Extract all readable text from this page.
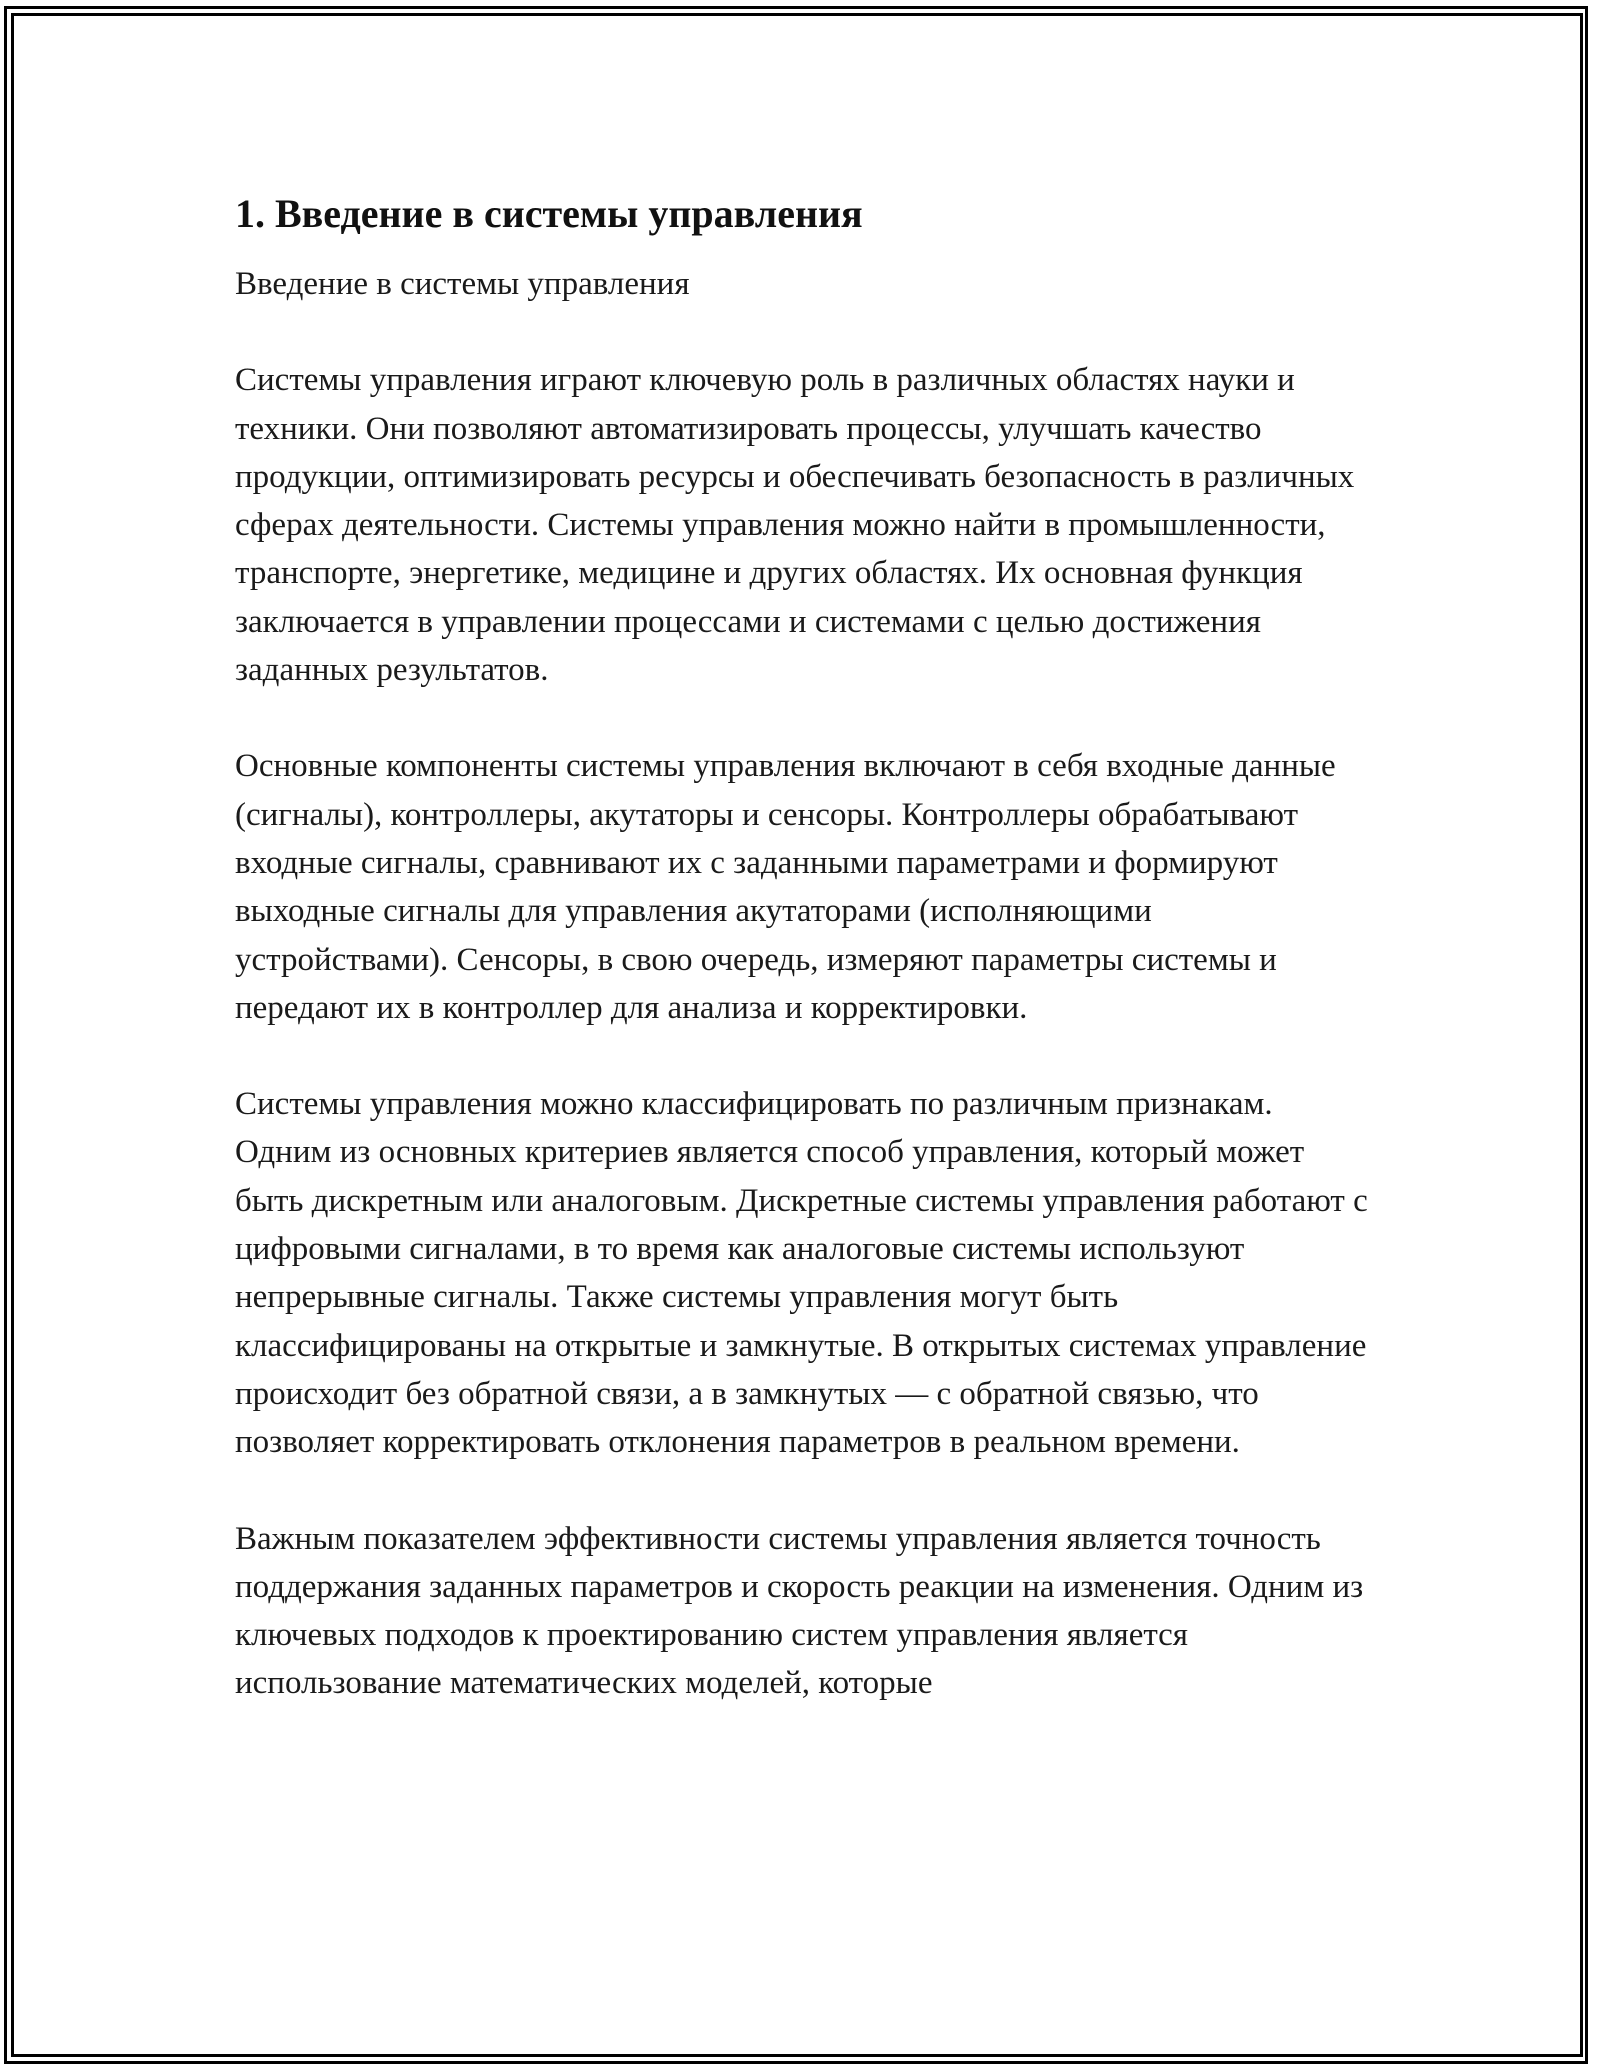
1. Введение в системы управления

Введение в системы управления

Системы управления играют ключевую роль в различных областях науки и техники. Они позволяют автоматизировать процессы, улучшать качество продукции, оптимизировать ресурсы и обеспечивать безопасность в различных сферах деятельности. Системы управления можно найти в промышленности, транспорте, энергетике, медицине и других областях. Их основная функция заключается в управлении процессами и системами с целью достижения заданных результатов.

Основные компоненты системы управления включают в себя входные данные (сигналы), контроллеры, акутаторы и сенсоры. Контроллеры обрабатывают входные сигналы, сравнивают их с заданными параметрами и формируют выходные сигналы для управления акутаторами (исполняющими устройствами). Сенсоры, в свою очередь, измеряют параметры системы и передают их в контроллер для анализа и корректировки.

Системы управления можно классифицировать по различным признакам. Одним из основных критериев является способ управления, который может быть дискретным или аналоговым. Дискретные системы управления работают с цифровыми сигналами, в то время как аналоговые системы используют непрерывные сигналы. Также системы управления могут быть классифицированы на открытые и замкнутые. В открытых системах управление происходит без обратной связи, а в замкнутых — с обратной связью, что позволяет корректировать отклонения параметров в реальном времени.

Важным показателем эффективности системы управления является точность поддержания заданных параметров и скорость реакции на изменения. Одним из ключевых подходов к проектированию систем управления является использование математических моделей, которые
